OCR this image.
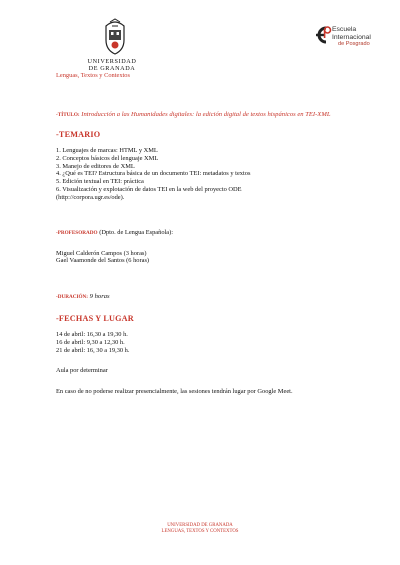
UNIVERSIDAD
DE GRANADA
Lenguas, Textos y Contextos
Escuela
Internacional
de Posgrado
-TÍTULO: Introducción a las Humanidades digitales: la edición digital de textos hispánicos en TEI-XML
-TEMARIO
1. Lenguajes de marcas: HTML y XML
2. Conceptos básicos del lenguaje XML
3. Manejo de editores de XML
4. ¿Qué es TEI? Estructura básica de un documento TEI: metadatos y textos
5. Edición textual en TEI: práctica
6. Visualización y explotación de datos TEI en la web del proyecto ODE
(http://corpora.ugr.es/ode).
-PROFESORADO (Dpto. de Lengua Española):
Miguel Calderón Campos (3 horas)
Gael Vaamonde del Santos (6 horas)
-DURACIÓN: 9 horas
-FECHAS Y LUGAR
14 de abril: 16,30 a 19,30 h.
16 de abril: 9,30 a 12,30 h.
21 de abril: 16, 30 a 19,30 h.
Aula por determinar
En caso de no poderse realizar presencialmente, las sesiones tendrán lugar por Google Meet.
UNIVERSIDAD DE GRANADA
LENGUAS, TEXTOS Y CONTEXTOS
